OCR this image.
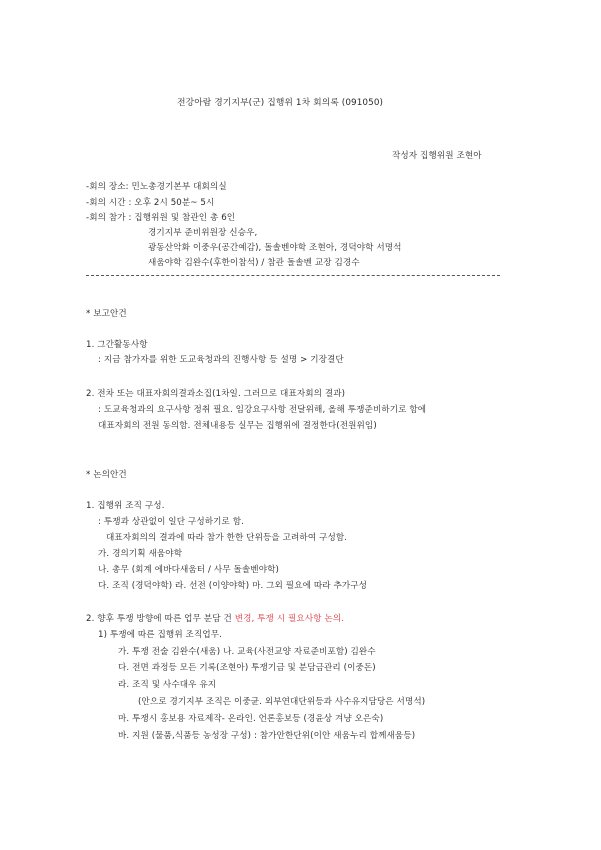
전강아람 경기지부(군) 집행위 1차 회의록 (091050)
작성자 집행위원 조현아
-회의 장소: 민노총경기본부 대회의실
-회의 시간 : 오후 2시 50분~ 5시
-회의 참가 : 집행위원 및 참관인 총 6인
경기지부 준비위원장 신승우,
광동산악화 이중우(공간예감), 돌솔벤야학 조현아, 경덕야학 서명석
새움야학 김완수(후한이참석) / 참관 돌솔벤 교장 김경수
* 보고안건
1. 그간활동사항
: 지금 참가자를 위한 도교육청과의 진행사항 등 설명 > 기장결단
2. 전차 또는 대표자회의결과소집(1차일. 그러므로 대표자회의 결과)
: 도교육청과의 요구사항 정취 필요. 임강요구사항 전달위해, 올해 투쟁준비하기로 함에
대표자회의 전원 동의함. 전체내용등 실무는 집행위에 결정한다(전원위임)
* 논의안건
1. 집행위 조직 구성.
: 투쟁과 상관없이 일단 구성하기로 함.
대표자회의의 결과에 따라 참가 한한 단위등을 고려하여 구성함.
가. 경의기획 새움야학
나. 총무 (회계 에바다새움터 / 사무 돌솔벤야학)
다. 조직 (경덕야학) 라. 선전 (이양야학) 마. 그외 필요에 따라 추가구성
2. 향후 투쟁 방향에 따른 업무 분담 건 변경, 투쟁 시 필요사항 논의.
1) 투쟁에 따른 집행위 조직업무.
가. 투쟁 전술 김완수(새움) 나. 교육(사전교양 자료준비포함) 김완수
다. 전면 과정등 모든 기록(조현아) 투쟁기금 및 분담금관리 (이중돈)
라. 조직 및 사수대우 유지
(안으로 경기지부 조직은 이중균. 외부연대단위등과 사수유지담당은 서명석)
마. 투쟁시 홍보용 자료제작- 온라인. 언론홍보등 (경윤상 겨냥 오은숙)
바. 지원 (물품,식품등 농성장 구성) : 참가안한단위(이안 새움누리 합께새움등)
